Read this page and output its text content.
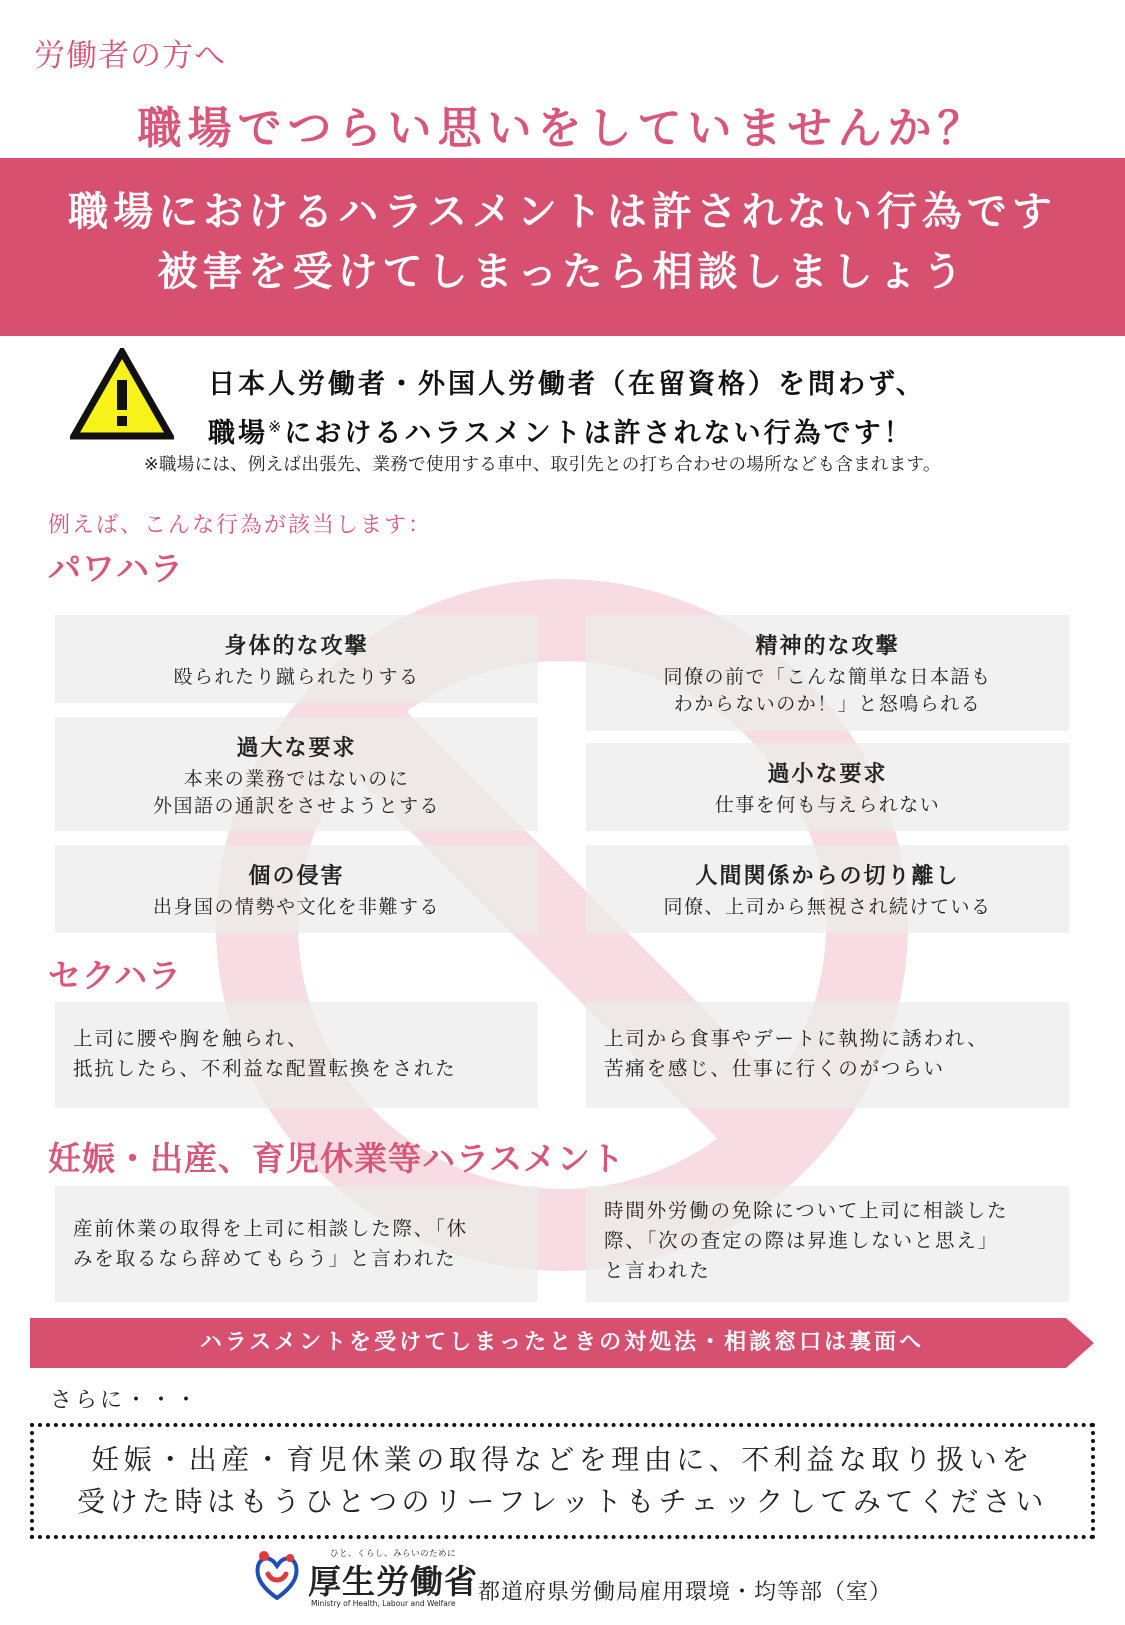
労働者の方へ
職場でつらい思いをしていませんか？
職場におけるハラスメントは許されない行為です
被害を受けてしまったら相談しましょう
日本人労働者・外国人労働者（在留資格）を問わず、
職場※におけるハラスメントは許されない行為です！
※職場には、例えば出張先、業務で使用する車中、取引先との打ち合わせの場所なども含まれます。
例えば、こんな行為が該当します：
パワハラ
身体的な攻撃
殴られたり蹴られたりする
精神的な攻撃
同僚の前で「こんな簡単な日本語も
わからないのか！」と怒鳴られる
過大な要求
本来の業務ではないのに
外国語の通訳をさせようとする
過小な要求
仕事を何も与えられない
個の侵害
出身国の情勢や文化を非難する
人間関係からの切り離し
同僚、上司から無視され続けている
セクハラ
上司に腰や胸を触られ、
抵抗したら、不利益な配置転換をされた
上司から食事やデートに執拗に誘われ、
苦痛を感じ、仕事に行くのがつらい
妊娠・出産、育児休業等ハラスメント
産前休業の取得を上司に相談した際、「休
みを取るなら辞めてもらう」と言われた
時間外労働の免除について上司に相談した
際、「次の査定の際は昇進しないと思え」
と言われた
ハラスメントを受けてしまったときの対処法・相談窓口は裏面へ
さらに・・・
妊娠・出産・育児休業の取得などを理由に、不利益な取り扱いを
受けた時はもうひとつのリーフレットもチェックしてみてください
ひと、くらし、みらいのために
厚生労働省
Ministry of Health, Labour and Welfare 都道府県労働局雇用環境・均等部（室）
